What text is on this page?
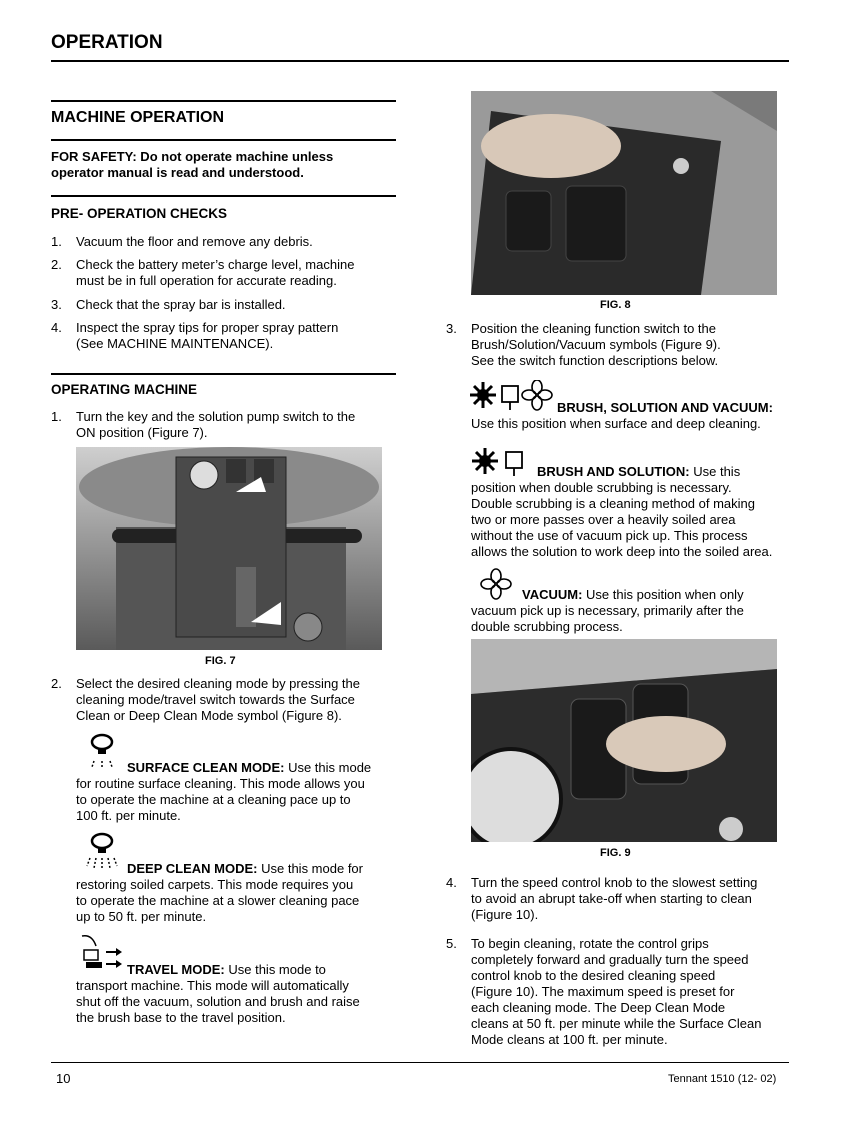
OPERATION
MACHINE OPERATION
FOR SAFETY: Do not operate machine unless
operator manual is read and understood.
PRE- OPERATION CHECKS
1. Vacuum the floor and remove any debris.
2. Check the battery meter’s charge level, machine
must be in full operation for accurate reading.
3. Check that the spray bar is installed.
4. Inspect the spray tips for proper spray pattern
(See MACHINE MAINTENANCE).
OPERATING MACHINE
1. Turn the key and the solution pump switch to the
ON position (Figure 7).
FIG. 7
2. Select the desired cleaning mode by pressing the
cleaning mode/travel switch towards the Surface
Clean or Deep Clean Mode symbol (Figure 8).
SURFACE CLEAN MODE: Use this mode
for routine surface cleaning. This mode allows you
to operate the machine at a cleaning pace up to
100 ft. per minute.
DEEP CLEAN MODE: Use this mode for
restoring soiled carpets. This mode requires you
to operate the machine at a slower cleaning pace
up to 50 ft. per minute.
TRAVEL MODE: Use this mode to
transport machine. This mode will automatically
shut off the vacuum, solution and brush and raise
the brush base to the travel position.
FIG. 8
3. Position the cleaning function switch to the
Brush/Solution/Vacuum symbols (Figure 9).
See the switch function descriptions below.
BRUSH, SOLUTION AND VACUUM:
Use this position when surface and deep cleaning.
BRUSH AND SOLUTION: Use this
position when double scrubbing is necessary.
Double scrubbing is a cleaning method of making
two or more passes over a heavily soiled area
without the use of vacuum pick up. This process
allows the solution to work deep into the soiled area.
VACUUM: Use this position when only
vacuum pick up is necessary, primarily after the
double scrubbing process.
FIG. 9
4. Turn the speed control knob to the slowest setting
to avoid an abrupt take-off when starting to clean
(Figure 10).
5. To begin cleaning, rotate the control grips
completely forward and gradually turn the speed
control knob to the desired cleaning speed
(Figure 10). The maximum speed is preset for
each cleaning mode. The Deep Clean Mode
cleans at 50 ft. per minute while the Surface Clean
Mode cleans at 100 ft. per minute.
10	Tennant 1510 (12- 02)
